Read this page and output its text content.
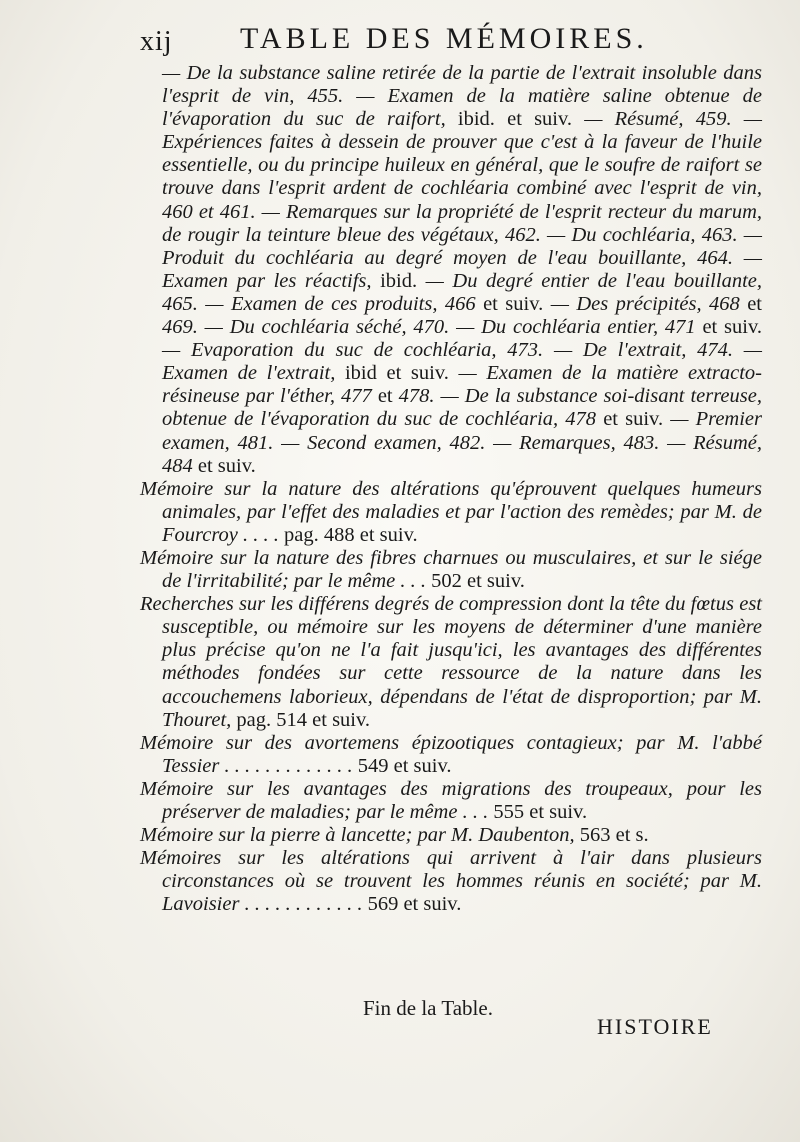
xij TABLE DES MÉMOIRES.

— De la substance saline retirée de la partie de l'extrait insoluble dans l'esprit de vin, 455. — Examen de la matière saline obtenue de l'évaporation du suc de raifort, ibid. et suiv. — Résumé, 459. — Expériences faites à dessein de prouver que c'est à la faveur de l'huile essentielle, ou du principe huileux en général, que le soufre de raifort se trouve dans l'esprit ardent de cochléaria combiné avec l'esprit de vin, 460 et 461. — Remarques sur la propriété de l'esprit recteur du marum, de rougir la teinture bleue des végétaux, 462. — Du cochléaria, 463. — Produit du cochléaria au degré moyen de l'eau bouillante, 464. — Examen par les réactifs, ibid. — Du degré entier de l'eau bouillante, 465. — Examen de ces produits, 466 et suiv. — Des précipités, 468 et 469. — Du cochléaria séché, 470. — Du cochléaria entier, 471 et suiv. — Evaporation du suc de cochléaria, 473. — De l'extrait, 474. — Examen de l'extrait, ibid et suiv. — Examen de la matière extracto-résineuse par l'éther, 477 et 478. — De la substance soi-disant terreuse, obtenue de l'évaporation du suc de cochléaria, 478 et suiv. — Premier examen, 481. — Second examen, 482. — Remarques, 483. — Résumé, 484 et suiv.

Mémoire sur la nature des altérations qu'éprouvent quelques humeurs animales, par l'effet des maladies et par l'action des remèdes; par M. de Fourcroy . . . . pag. 488 et suiv.

Mémoire sur la nature des fibres charnues ou musculaires, et sur le siége de l'irritabilité; par le même . . . 502 et suiv.

Recherches sur les différens degrés de compression dont la tête du fœtus est susceptible, ou mémoire sur les moyens de déterminer d'une manière plus précise qu'on ne l'a fait jusqu'ici, les avantages des différentes méthodes fondées sur cette ressource de la nature dans les accouchemens laborieux, dépendans de l'état de disproportion; par M. Thouret, pag. 514 et suiv.

Mémoire sur des avortemens épizootiques contagieux; par M. l'abbé Tessier . . . . . . . . . . . . . 549 et suiv.

Mémoire sur les avantages des migrations des troupeaux, pour les préserver de maladies; par le même . . . 555 et suiv.

Mémoire sur la pierre à lancette; par M. Daubenton, 563 et s.

Mémoires sur les altérations qui arrivent à l'air dans plusieurs circonstances où se trouvent les hommes réunis en société; par M. Lavoisier . . . . . . . . . . . . 569 et suiv.

Fin de la Table.
HISTOIRE
